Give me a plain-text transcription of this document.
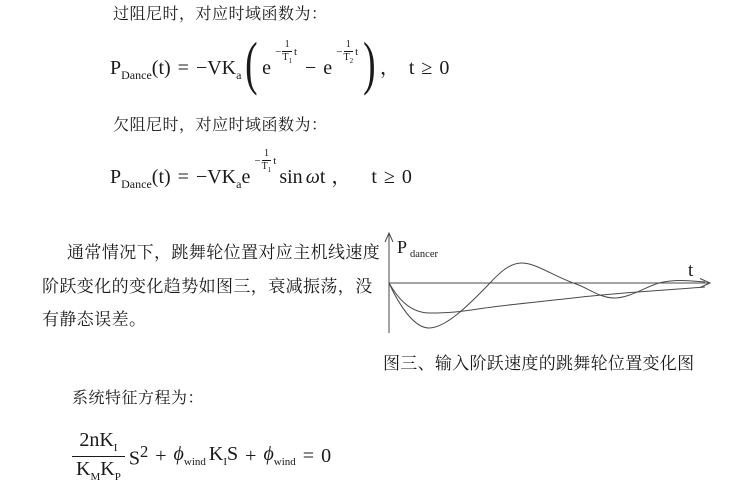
过阻尼时，对应时域函数为：
$P_{Dance}(t) = -VK_a$ ( e
−
1
$T_1$
t
− e
−
1
$T_2$
t ) ， t ≥ 0
欠阻尼时，对应时域函数为：
$P_{Dance}(t) = -VK_a$ e
−
1
$T_1$
t
sin ω t ， t ≥ 0
通常情况下，跳舞轮位置对应主机线速度
阶跃变化的变化趋势如图三，衰减振荡，没
有静态误差。
P dancer
t
图三、输入阶跃速度的跳舞轮位置变化图
系统特征方程为：
$\frac{2nK_I}{K_MK_P} S^2 + \phi_{wind}$ $K_IS + \phi_{wind} = 0$
